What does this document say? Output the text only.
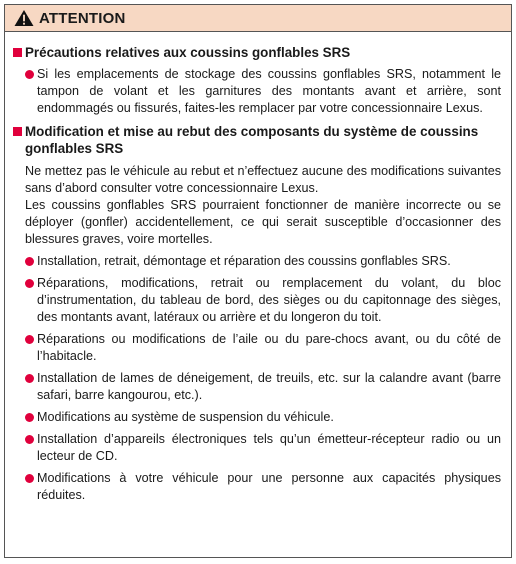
ATTENTION
Précautions relatives aux coussins gonflables SRS
Si les emplacements de stockage des coussins gonflables SRS, notamment le tampon de volant et les garnitures des montants avant et arrière, sont endommagés ou fissurés, faites-les remplacer par votre concessionnaire Lexus.
Modification et mise au rebut des composants du système de coussins gonflables SRS
Ne mettez pas le véhicule au rebut et n’effectuez aucune des modifications suivantes sans d’abord consulter votre concessionnaire Lexus.
Les coussins gonflables SRS pourraient fonctionner de manière incorrecte ou se déployer (gonfler) accidentellement, ce qui serait susceptible d’occasionner des blessures graves, voire mortelles.
Installation, retrait, démontage et réparation des coussins gonflables SRS.
Réparations, modifications, retrait ou remplacement du volant, du bloc d’instrumentation, du tableau de bord, des sièges ou du capitonnage des sièges, des montants avant, latéraux ou arrière et du longeron du toit.
Réparations ou modifications de l’aile ou du pare-chocs avant, ou du côté de l’habitacle.
Installation de lames de déneigement, de treuils, etc. sur la calandre avant (barre safari, barre kangourou, etc.).
Modifications au système de suspension du véhicule.
Installation d’appareils électroniques tels qu’un émetteur-récepteur radio ou un lecteur de CD.
Modifications à votre véhicule pour une personne aux capacités physiques réduites.
